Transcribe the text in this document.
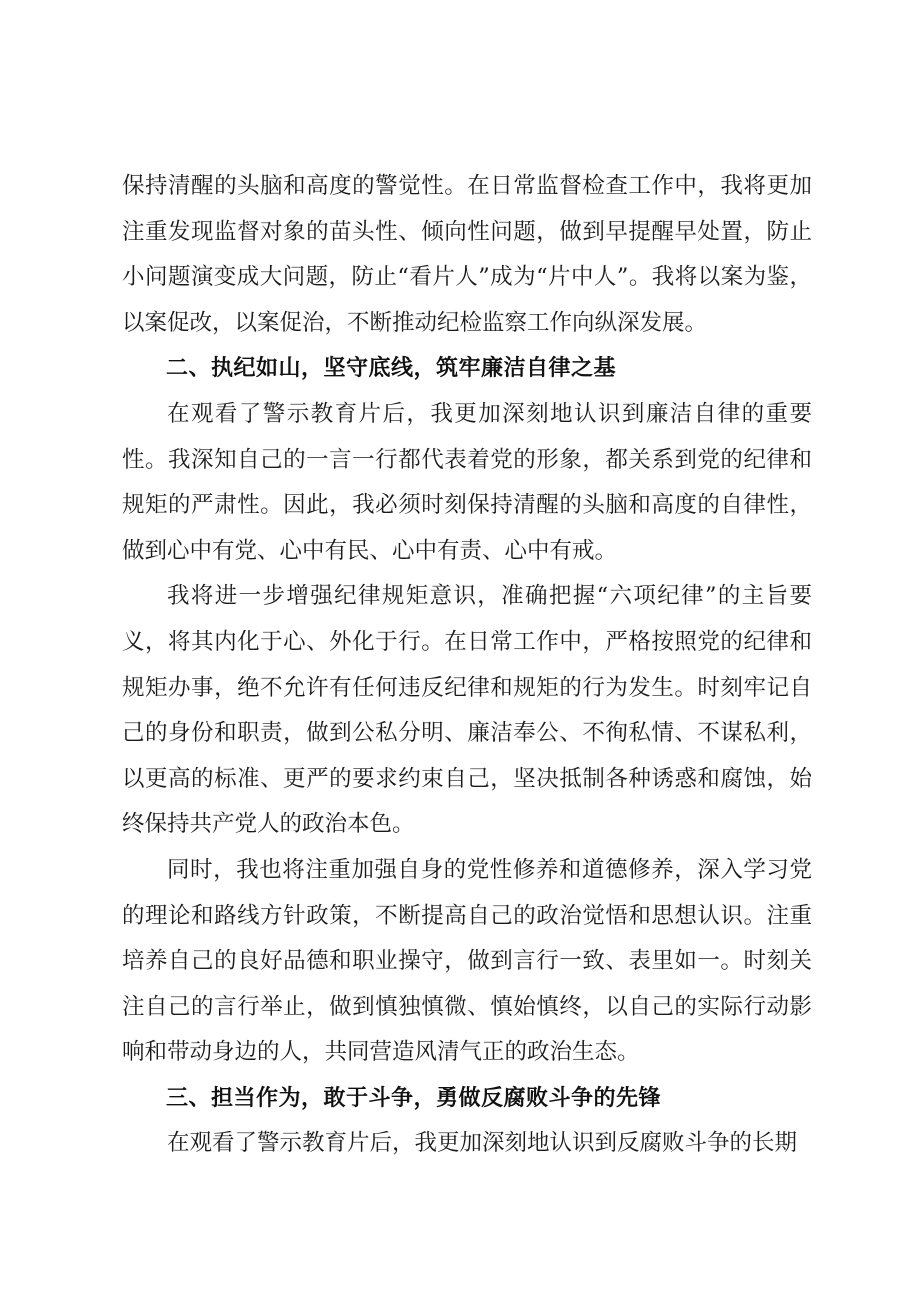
保持清醒的头脑和高度的警觉性。在日常监督检查工作中，我将更加注重发现监督对象的苗头性、倾向性问题，做到早提醒早处置，防止小问题演变成大问题，防止“看片人”成为“片中人”。我将以案为鉴，以案促改，以案促治，不断推动纪检监察工作向纵深发展。

二、执纪如山，坚守底线，筑牢廉洁自律之基

在观看了警示教育片后，我更加深刻地认识到廉洁自律的重要性。我深知自己的一言一行都代表着党的形象，都关系到党的纪律和规矩的严肃性。因此，我必须时刻保持清醒的头脑和高度的自律性，做到心中有党、心中有民、心中有责、心中有戒。

我将进一步增强纪律规矩意识，准确把握“六项纪律”的主旨要义，将其内化于心、外化于行。在日常工作中，严格按照党的纪律和规矩办事，绝不允许有任何违反纪律和规矩的行为发生。时刻牢记自己的身份和职责，做到公私分明、廉洁奉公、不徇私情、不谋私利，以更高的标准、更严的要求约束自己，坚决抵制各种诱惑和腐蚀，始终保持共产党人的政治本色。

同时，我也将注重加强自身的党性修养和道德修养，深入学习党的理论和路线方针政策，不断提高自己的政治觉悟和思想认识。注重培养自己的良好品德和职业操守，做到言行一致、表里如一。时刻关注自己的言行举止，做到慎独慎微、慎始慎终，以自己的实际行动影响和带动身边的人，共同营造风清气正的政治生态。

三、担当作为，敢于斗争，勇做反腐败斗争的先锋

在观看了警示教育片后，我更加深刻地认识到反腐败斗争的长期
